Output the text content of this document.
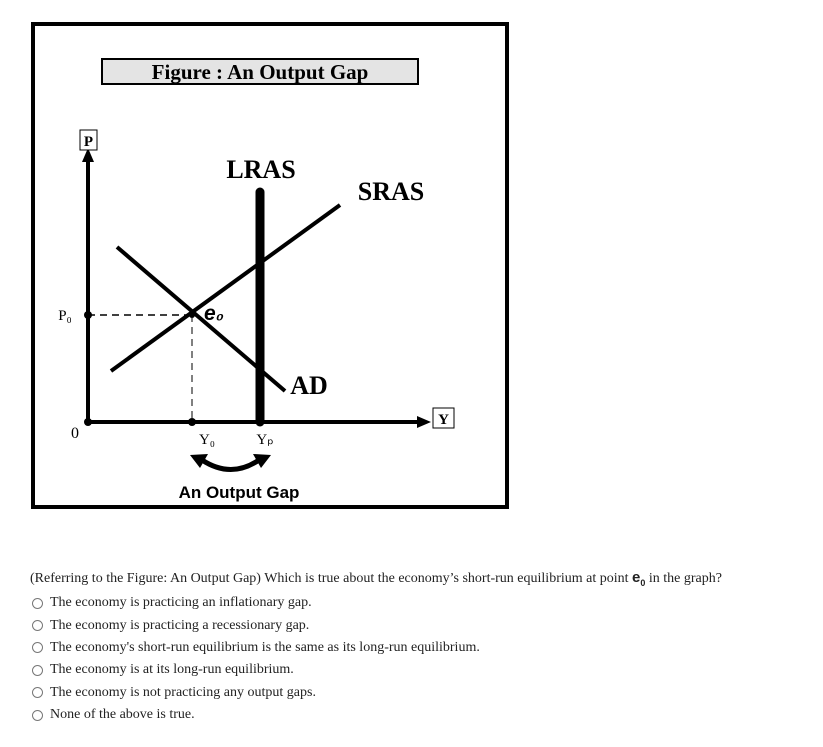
Figure : An Output Gap
P
Y
0
P₀
SRAS
AD
LRAS
e₀
Y₀	Yₚ
An Output Gap
(Referring to the Figure: An Output Gap) Which is true about the economy’s short-run equilibrium at point $e_0$ in the graph?
The economy is practicing an inflationary gap.
The economy is practicing a recessionary gap.
The economy's short-run equilibrium is the same as its long-run equilibrium.
The economy is at its long-run equilibrium.
The economy is not practicing any output gaps.
None of the above is true.
